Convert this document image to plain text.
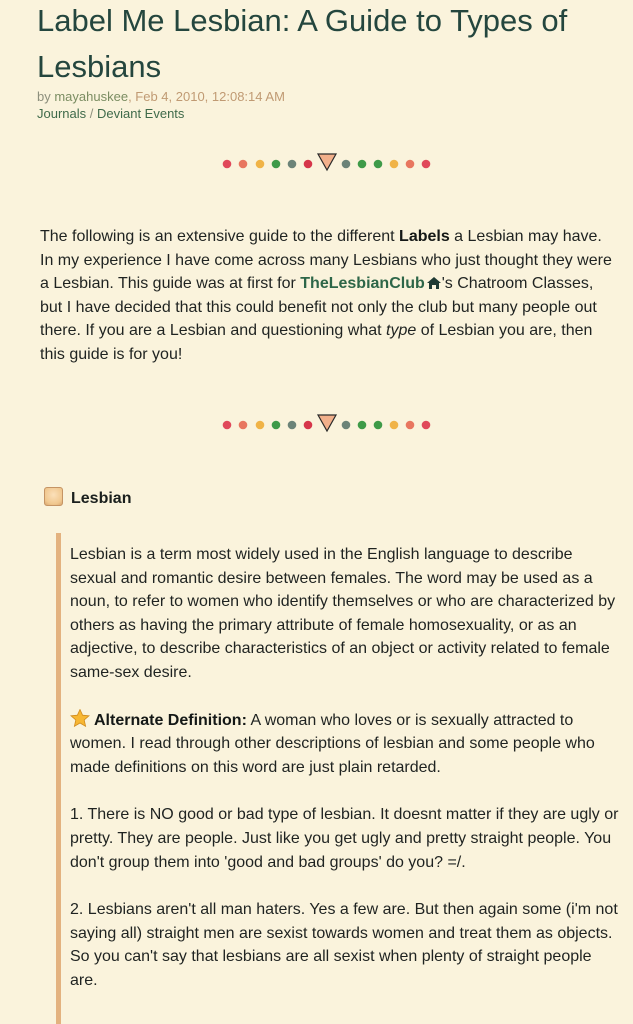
Label Me Lesbian: A Guide to Types of Lesbians
by mayahuskee, Feb 4, 2010, 12:08:14 AM
Journals / Deviant Events
The following is an extensive guide to the different Labels a Lesbian may have. In my experience I have come across many Lesbians who just thought they were a Lesbian. This guide was at first for TheLesbianClub 's Chatroom Classes, but I have decided that this could benefit not only the club but many people out there. If you are a Lesbian and questioning what type of Lesbian you are, then this guide is for you!
Lesbian

Lesbian is a term most widely used in the English language to describe sexual and romantic desire between females. The word may be used as a noun, to refer to women who identify themselves or who are characterized by others as having the primary attribute of female homosexuality, or as an adjective, to describe characteristics of an object or activity related to female same-sex desire.

Alternate Definition: A woman who loves or is sexually attracted to women. I read through other descriptions of lesbian and some people who made definitions on this word are just plain retarded.

1. There is NO good or bad type of lesbian. It doesnt matter if they are ugly or pretty. They are people. Just like you get ugly and pretty straight people. You don't group them into 'good and bad groups' do you? =/.

2. Lesbians aren't all man haters. Yes a few are. But then again some (i'm not saying all) straight men are sexist towards women and treat them as objects. So you can't say that lesbians are all sexist when plenty of straight people are.
